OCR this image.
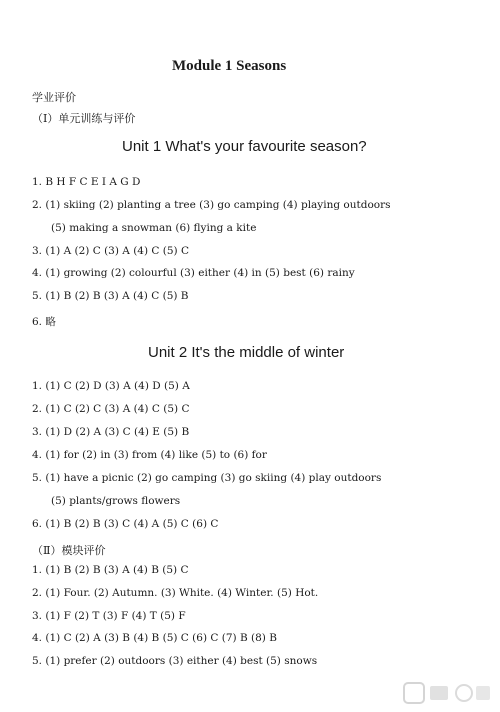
Module 1 Seasons
学业评价
（Ⅰ）单元训练与评价
Unit 1 What's your favourite season?
1. B H F C E I A G D
2. (1) skiing (2) planting a tree (3) go camping (4) playing outdoors
(5) making a snowman (6) flying a kite
3. (1) A (2) C (3) A (4) C (5) C
4. (1) growing (2) colourful (3) either (4) in (5) best (6) rainy
5. (1) B (2) B (3) A (4) C (5) B
6. 略
Unit 2 It's the middle of winter
1. (1) C (2) D (3) A (4) D (5) A
2. (1) C (2) C (3) A (4) C (5) C
3. (1) D (2) A (3) C (4) E (5) B
4. (1) for (2) in (3) from (4) like (5) to (6) for
5. (1) have a picnic (2) go camping (3) go skiing (4) play outdoors
(5) plants/grows flowers
6. (1) B (2) B (3) C (4) A (5) C (6) C
（Ⅱ）模块评价
1. (1) B (2) B (3) A (4) B (5) C
2. (1) Four. (2) Autumn. (3) White. (4) Winter. (5) Hot.
3. (1) F (2) T (3) F (4) T (5) F
4. (1) C (2) A (3) B (4) B (5) C (6) C (7) B (8) B
5. (1) prefer (2) outdoors (3) either (4) best (5) snows
